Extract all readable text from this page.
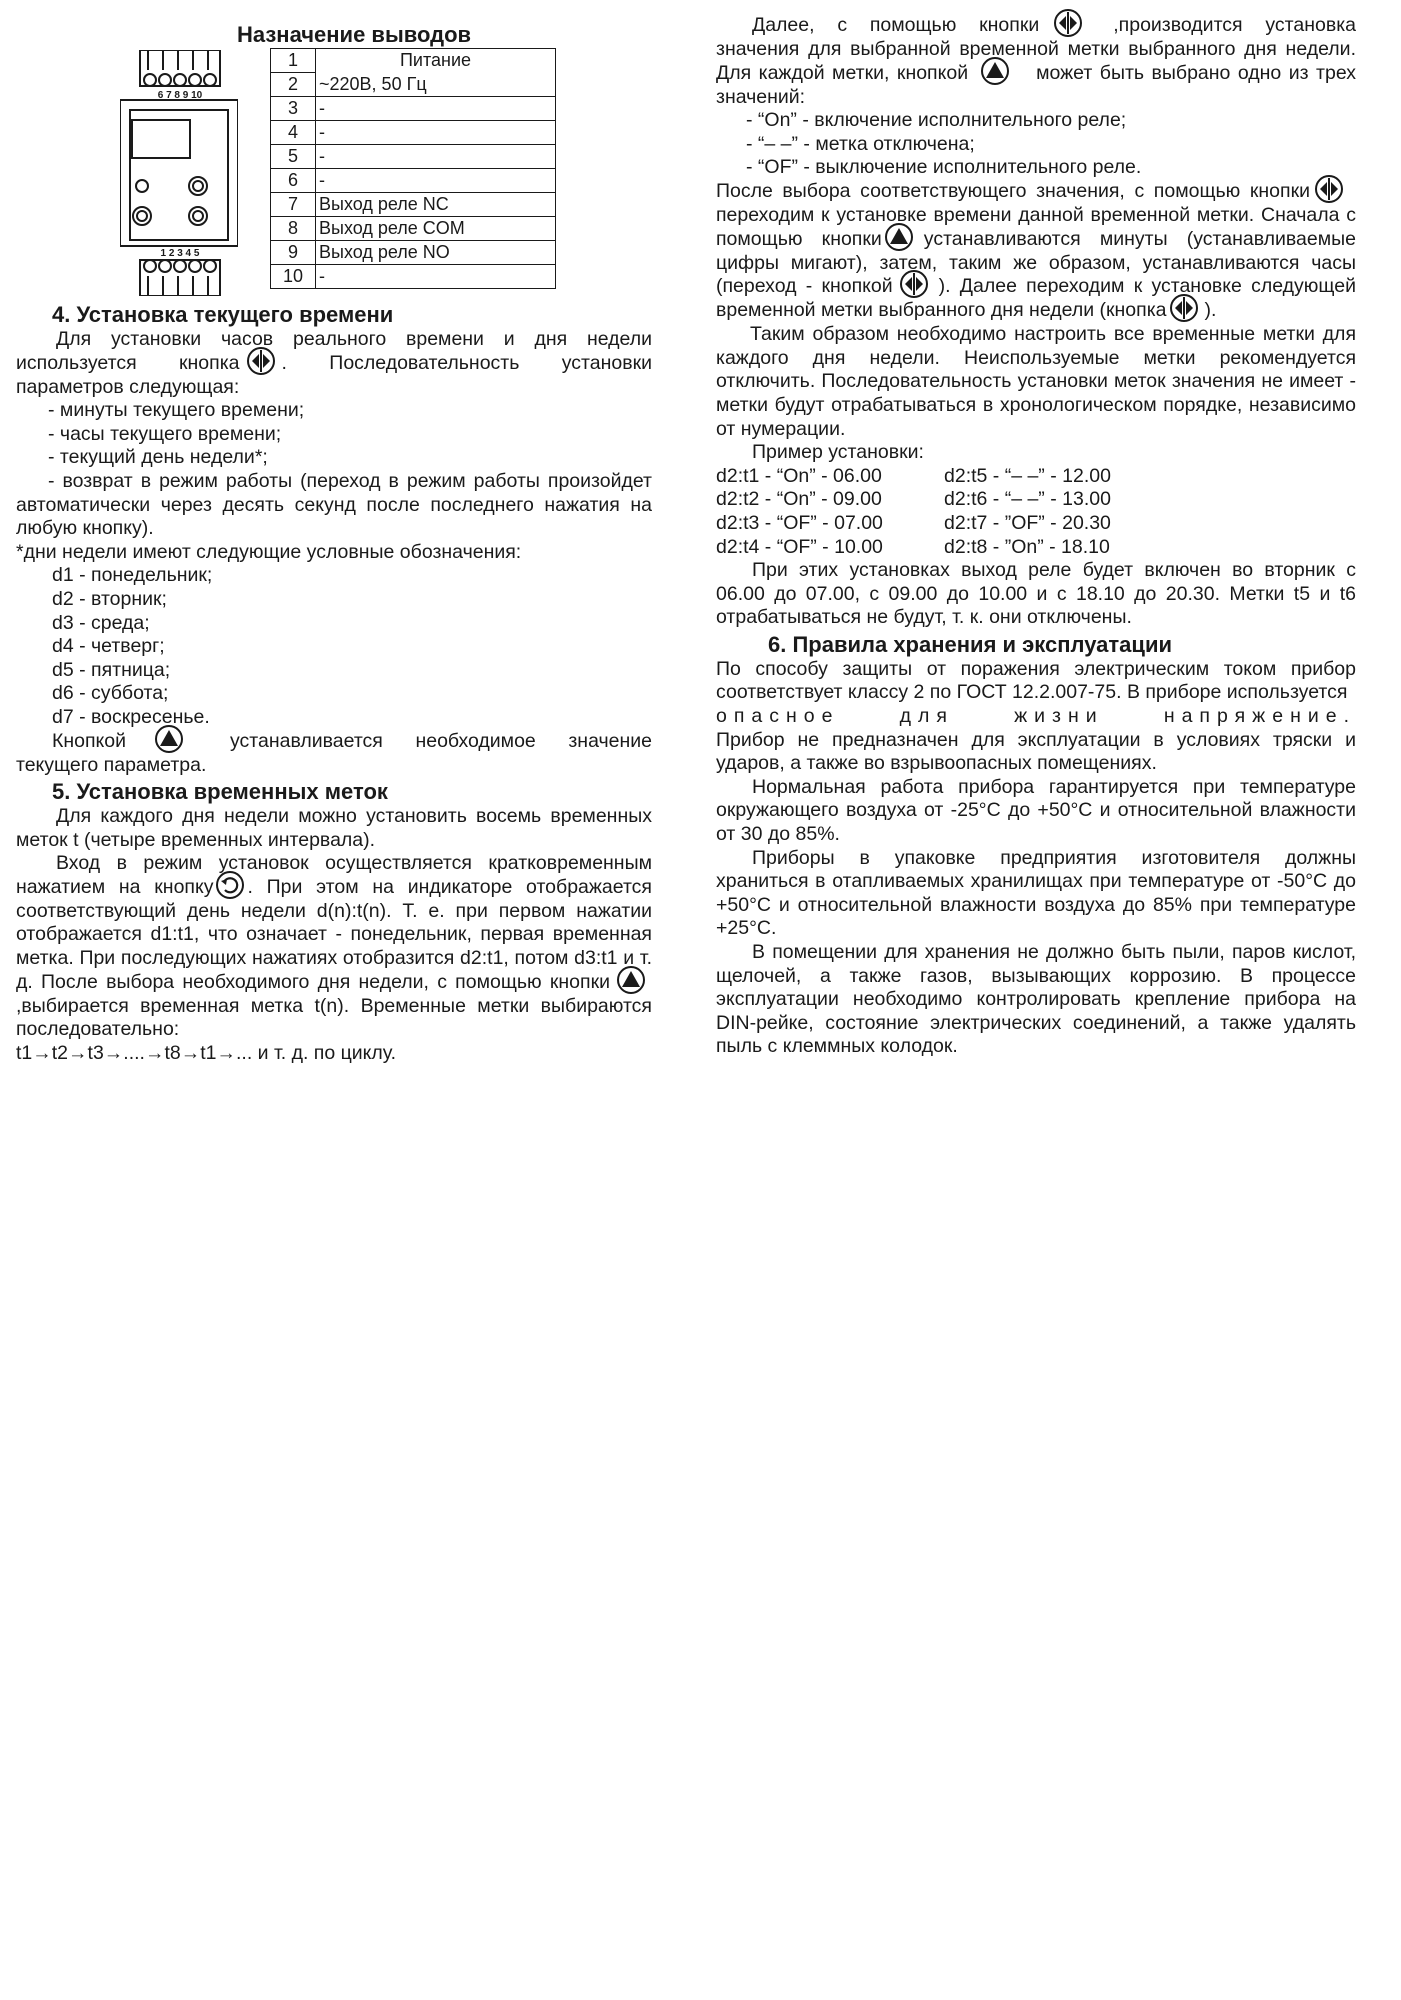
Назначение выводов
6 7 8 9 10
1 2 3 4 5
1	Питание
2	~220В, 50 Гц
3	-
4	-
5	-
6	-
7	Выход реле NC
8	Выход реле COM
9	Выход реле NO
10	-
4. Установка текущего времени

Для установки часов реального времени и дня недели используется кнопка . Последовательность установки параметров следующая:

- минуты текущего времени;

- часы текущего времени;

- текущий день недели*;

- возврат в режим работы (переход в режим работы произойдет автоматически через десять секунд после последнего нажатия на любую кнопку).

*дни недели имеют следующие условные обозначения:

d1 - понедельник;

d2 - вторник;

d3 - среда;

d4 - четверг;

d5 - пятница;

d6 - суббота;

d7 - воскресенье.

Кнопкой	устанавливается необходимое значение текущего параметра.

5. Установка временных меток

Для каждого дня недели можно установить восемь временных меток t (четыре временных интервала).

Вход в режим установок осуществляется кратковременным нажатием на кнопку . При этом на индикаторе отображается соответствующий день недели d(n):t(n). Т. е. при первом нажатии отображается d1:t1, что означает - понедельник, первая временная метка. При последующих нажатиях отобразится d2:t1, потом d3:t1 и т. д. После выбора необходимого дня недели, с помощью кнопки
,выбирается временная метка t(n). Временные метки выбираются последовательно:

t1→t2→t3→....→t8→t1→... и т. д. по циклу.

Далее, с помощью кнопки	,производится установка значения для выбранной временной метки выбранного дня недели. Для каждой метки, кнопкой	может быть выбрано одно из трех значений:

- “On” - включение исполнительного реле;

- “– –” - метка отключена;

- “OF” - выключение исполнительного реле.

После выбора соответствующего значения, с помощью кнопки
переходим к установке времени данной временной метки. Сначала с помощью кнопки устанавливаются минуты (устанавливаемые цифры мигают), затем, таким же образом, устанавливаются часы (переход - кнопкой ). Далее переходим к установке следующей временной метки выбранного дня недели (кнопка ).

Таким образом необходимо настроить все временные метки для каждого дня недели. Неиспользуемые метки рекомендуется отключить. Последовательность установки меток значения не имеет - метки будут отрабатываться в хронологическом порядке, независимо от нумерации.

Пример установки:

d2:t1 - “On” - 06.00	d2:t5 - “– –” - 12.00
d2:t2 - “On” - 09.00	d2:t6 - “– –” - 13.00
d2:t3 - “OF” - 07.00	d2:t7 - ”OF” - 20.30
d2:t4 - “OF” - 10.00	d2:t8 - ”On” - 18.10

При этих установках выход реле будет включен во вторник с 06.00 до 07.00, с 09.00 до 10.00 и с 18.10 до 20.30. Метки t5 и t6 отрабатываться не будут, т. к. они отключены.

6. Правила хранения и эксплуатации

По способу защиты от поражения электрическим током прибор соответствует классу 2 по ГОСТ 12.2.007-75. В приборе используется

опасное для жизни напряжение.

Прибор не предназначен для эксплуатации в условиях тряски и ударов, а также во взрывоопасных помещениях.

Нормальная работа прибора гарантируется при температуре окружающего воздуха от -25°С до +50°С и относительной влажности от 30 до 85%.

Приборы в упаковке предприятия изготовителя должны храниться в отапливаемых хранилищах при температуре от -50°С до +50°С и относительной влажности воздуха до 85% при температуре +25°С.

В помещении для хранения не должно быть пыли, паров кислот, щелочей, а также газов, вызывающих коррозию. В процессе эксплуатации необходимо контролировать крепление прибора на DIN-рейке, состояние электрических соединений, а также удалять пыль с клеммных колодок.
